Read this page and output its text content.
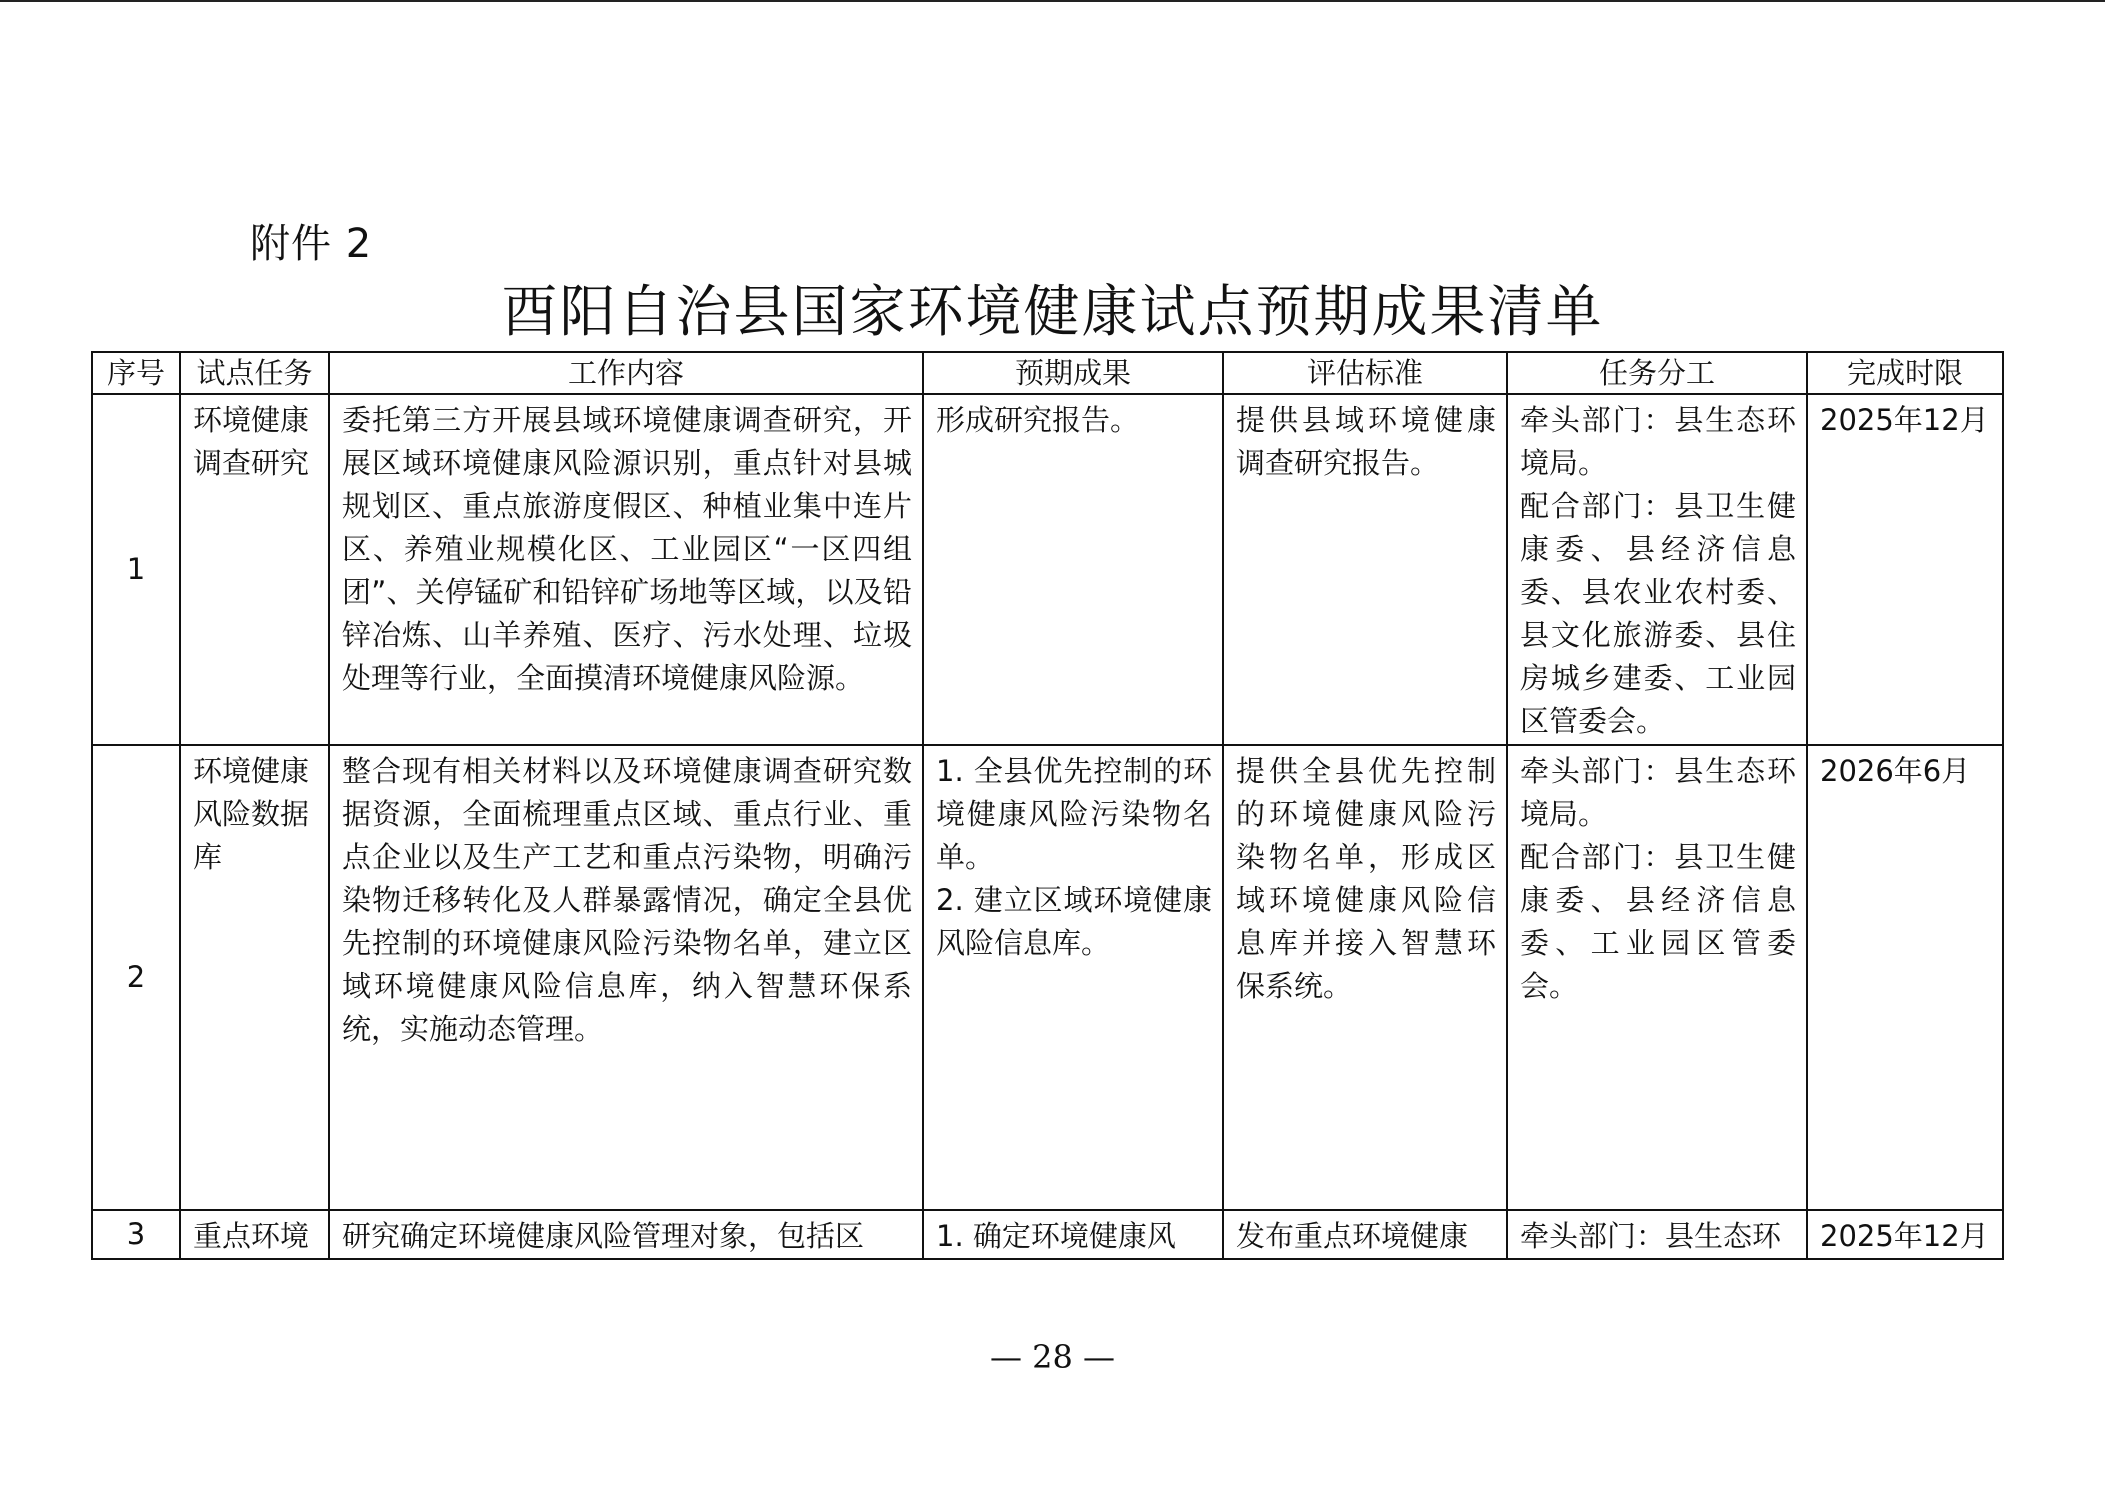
附件 2
酉阳自治县国家环境健康试点预期成果清单
序号	试点任务	工作内容	预期成果	评估标准	任务分工	完成时限
1	环境健康调查研究	委托第三方开展县域环境健康调查研究，开展区域环境健康风险源识别，重点针对县城规划区、重点旅游度假区、种植业集中连片区、养殖业规模化区、工业园区“一区四组团”、关停锰矿和铅锌矿场地等区域，以及铅锌冶炼、山羊养殖、医疗、污水处理、垃圾处理等行业，全面摸清环境健康风险源。	形成研究报告。	提供县域环境健康调查研究报告。	牵头部门：县生态环境局。
配合部门：县卫生健康委、县经济信息委、县农业农村委、县文化旅游委、县住房城乡建委、工业园区管委会。	2025年12月
2	环境健康风险数据库	整合现有相关材料以及环境健康调查研究数据资源，全面梳理重点区域、重点行业、重点企业以及生产工艺和重点污染物，明确污染物迁移转化及人群暴露情况，确定全县优先控制的环境健康风险污染物名单，建立区域环境健康风险信息库，纳入智慧环保系统，实施动态管理。	1. 全县优先控制的环境健康风险污染物名单。
2. 建立区域环境健康风险信息库。	提供全县优先控制的环境健康风险污染物名单，形成区域环境健康风险信息库并接入智慧环保系统。	牵头部门：县生态环境局。
配合部门：县卫生健康委、县经济信息委、工业园区管委会。	2026年6月
3	重点环境	研究确定环境健康风险管理对象，包括区	1. 确定环境健康风	发布重点环境健康	牵头部门：县生态环	2025年12月
— 28 —
